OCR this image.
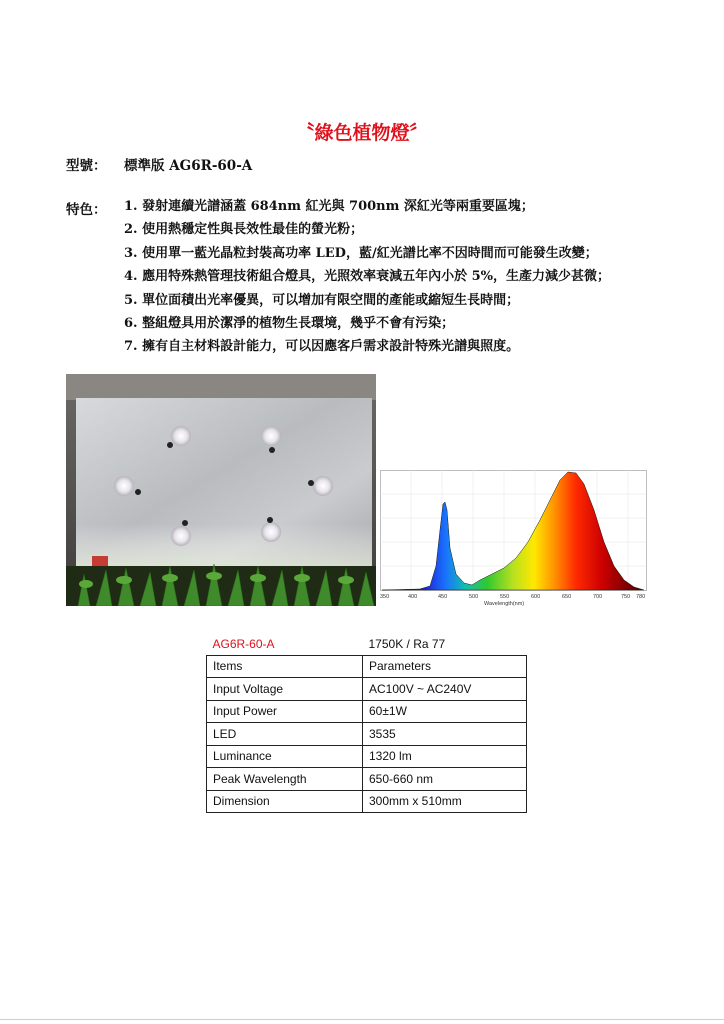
〝綠色植物燈〞
型號： 標準版 AG6R-60-A
特色： 1. 發射連續光譜涵蓋 684nm 紅光與 700nm 深紅光等兩重要區塊；
2. 使用熱穩定性與長效性最佳的螢光粉；
3. 使用單一藍光晶粒封裝高功率 LED，藍/紅光譜比率不因時間而可能發生改變；
4. 應用特殊熱管理技術組合燈具，光照效率衰減五年內小於 5%，生產力減少甚微；
5. 單位面積出光率優異，可以增加有限空間的產能或縮短生長時間；
6. 整組燈具用於潔淨的植物生長環境，幾乎不會有污染；
7. 擁有自主材料設計能力，可以因應客戶需求設計特殊光譜與照度。
350	400	450	500	550	600	650	700	750 780
Wavelength(nm)
AG6R-60-A	1750K / Ra 77
Items	Parameters
Input Voltage	AC100V ~ AC240V
Input Power	60±1W
LED	3535
Luminance	1320 lm
Peak Wavelength	650-660 nm
Dimension	300mm x 510mm
